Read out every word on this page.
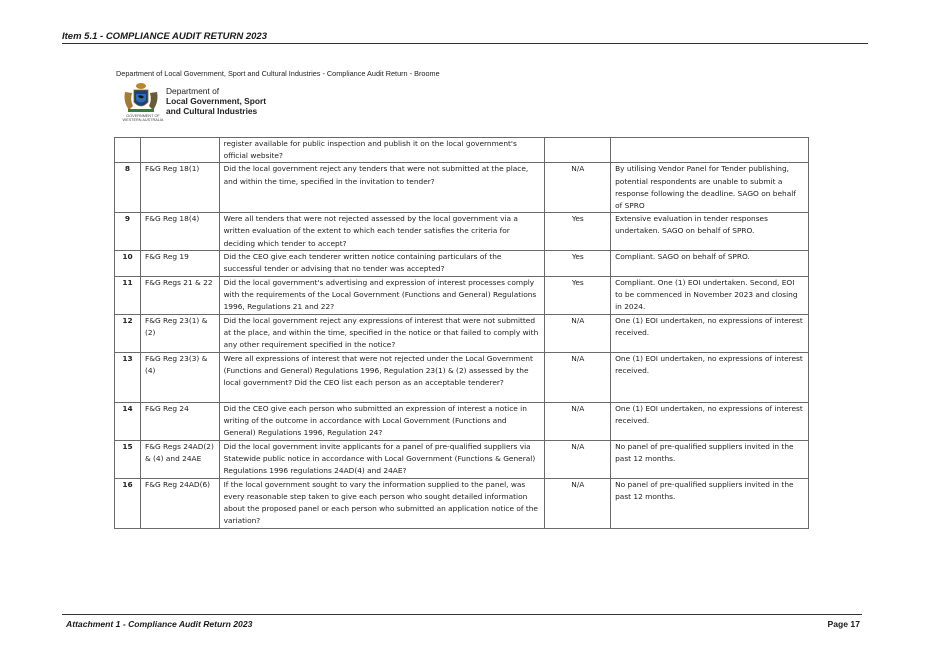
Item 5.1 - COMPLIANCE AUDIT RETURN 2023
Department of Local Government, Sport and Cultural Industries - Compliance Audit Return - Broome
GOVERNMENT OF
WESTERN AUSTRALIA
Department of
Local Government, Sport
and Cultural Industries
		register available for public inspection and publish it on the local government's official website?		
8	F&G Reg 18(1)	Did the local government reject any tenders that were not submitted at the place, and within the time, specified in the invitation to tender?	N/A	By utilising Vendor Panel for Tender publishing, potential respondents are unable to submit a response following the deadline. SAGO on behalf of SPRO
9	F&G Reg 18(4)	Were all tenders that were not rejected assessed by the local government via a written evaluation of the extent to which each tender satisfies the criteria for deciding which tender to accept?	Yes	Extensive evaluation in tender responses undertaken. SAGO on behalf of SPRO.
10	F&G Reg 19	Did the CEO give each tenderer written notice containing particulars of the successful tender or advising that no tender was accepted?	Yes	Compliant. SAGO on behalf of SPRO.
11	F&G Regs 21 & 22	Did the local government's advertising and expression of interest processes comply with the requirements of the Local Government (Functions and General) Regulations 1996, Regulations 21 and 22?	Yes	Compliant. One (1) EOI undertaken. Second, EOI to be commenced in November 2023 and closing in 2024.
12	F&G Reg 23(1) & (2)	Did the local government reject any expressions of interest that were not submitted at the place, and within the time, specified in the notice or that failed to comply with any other requirement specified in the notice?	N/A	One (1) EOI undertaken, no expressions of interest received.
13	F&G Reg 23(3) & (4)	Were all expressions of interest that were not rejected under the Local Government (Functions and General) Regulations 1996, Regulation 23(1) & (2) assessed by the local government? Did the CEO list each person as an acceptable tenderer?	N/A	One (1) EOI undertaken, no expressions of interest received.
14	F&G Reg 24	Did the CEO give each person who submitted an expression of interest a notice in writing of the outcome in accordance with Local Government (Functions and General) Regulations 1996, Regulation 24?	N/A	One (1) EOI undertaken, no expressions of interest received.
15	F&G Regs 24AD(2) & (4) and 24AE	Did the local government invite applicants for a panel of pre-qualified suppliers via Statewide public notice in accordance with Local Government (Functions & General) Regulations 1996 regulations 24AD(4) and 24AE?	N/A	No panel of pre-qualified suppliers invited in the past 12 months.
16	F&G Reg 24AD(6)	If the local government sought to vary the information supplied to the panel, was every reasonable step taken to give each person who sought detailed information about the proposed panel or each person who submitted an application notice of the variation?	N/A	No panel of pre-qualified suppliers invited in the past 12 months.
Attachment 1 - Compliance Audit Return 2023	Page 17
